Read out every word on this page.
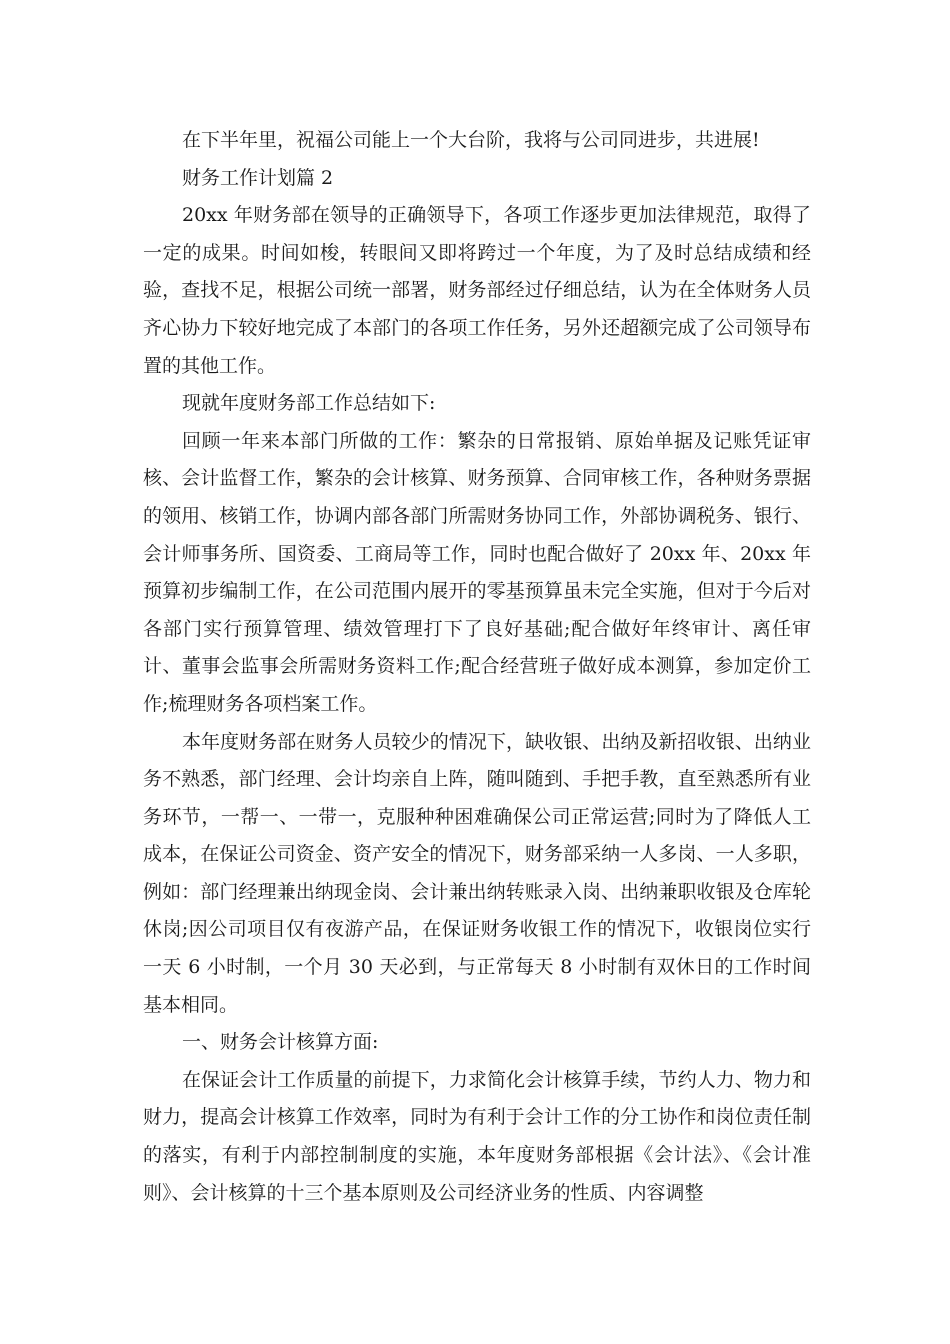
在下半年里，祝福公司能上一个大台阶，我将与公司同进步，共进展!

财务工作计划篇 2

20xx 年财务部在领导的正确领导下，各项工作逐步更加法律规范，取得了一定的成果。时间如梭，转眼间又即将跨过一个年度，为了及时总结成绩和经验，查找不足，根据公司统一部署，财务部经过仔细总结，认为在全体财务人员齐心协力下较好地完成了本部门的各项工作任务，另外还超额完成了公司领导布置的其他工作。

现就年度财务部工作总结如下:

回顾一年来本部门所做的工作：繁杂的日常报销、原始单据及记账凭证审核、会计监督工作，繁杂的会计核算、财务预算、合同审核工作，各种财务票据的领用、核销工作，协调内部各部门所需财务协同工作，外部协调税务、银行、会计师事务所、国资委、工商局等工作，同时也配合做好了 20xx 年、20xx 年预算初步编制工作，在公司范围内展开的零基预算虽未完全实施，但对于今后对各部门实行预算管理、绩效管理打下了良好基础;配合做好年终审计、离任审计、董事会监事会所需财务资料工作;配合经营班子做好成本测算，参加定价工作;梳理财务各项档案工作。

本年度财务部在财务人员较少的情况下，缺收银、出纳及新招收银、出纳业务不熟悉，部门经理、会计均亲自上阵，随叫随到、手把手教，直至熟悉所有业务环节，一帮一、一带一，克服种种困难确保公司正常运营;同时为了降低人工成本，在保证公司资金、资产安全的情况下，财务部采纳一人多岗、一人多职，例如：部门经理兼出纳现金岗、会计兼出纳转账录入岗、出纳兼职收银及仓库轮休岗;因公司项目仅有夜游产品，在保证财务收银工作的情况下，收银岗位实行一天 6 小时制，一个月 30 天必到，与正常每天 8 小时制有双休日的工作时间基本相同。

一、财务会计核算方面:

在保证会计工作质量的前提下，力求简化会计核算手续，节约人力、物力和财力，提高会计核算工作效率，同时为有利于会计工作的分工协作和岗位责任制的落实，有利于内部控制制度的实施，本年度财务部根据《会计法》、《会计准则》、会计核算的十三个基本原则及公司经济业务的性质、内容调整
